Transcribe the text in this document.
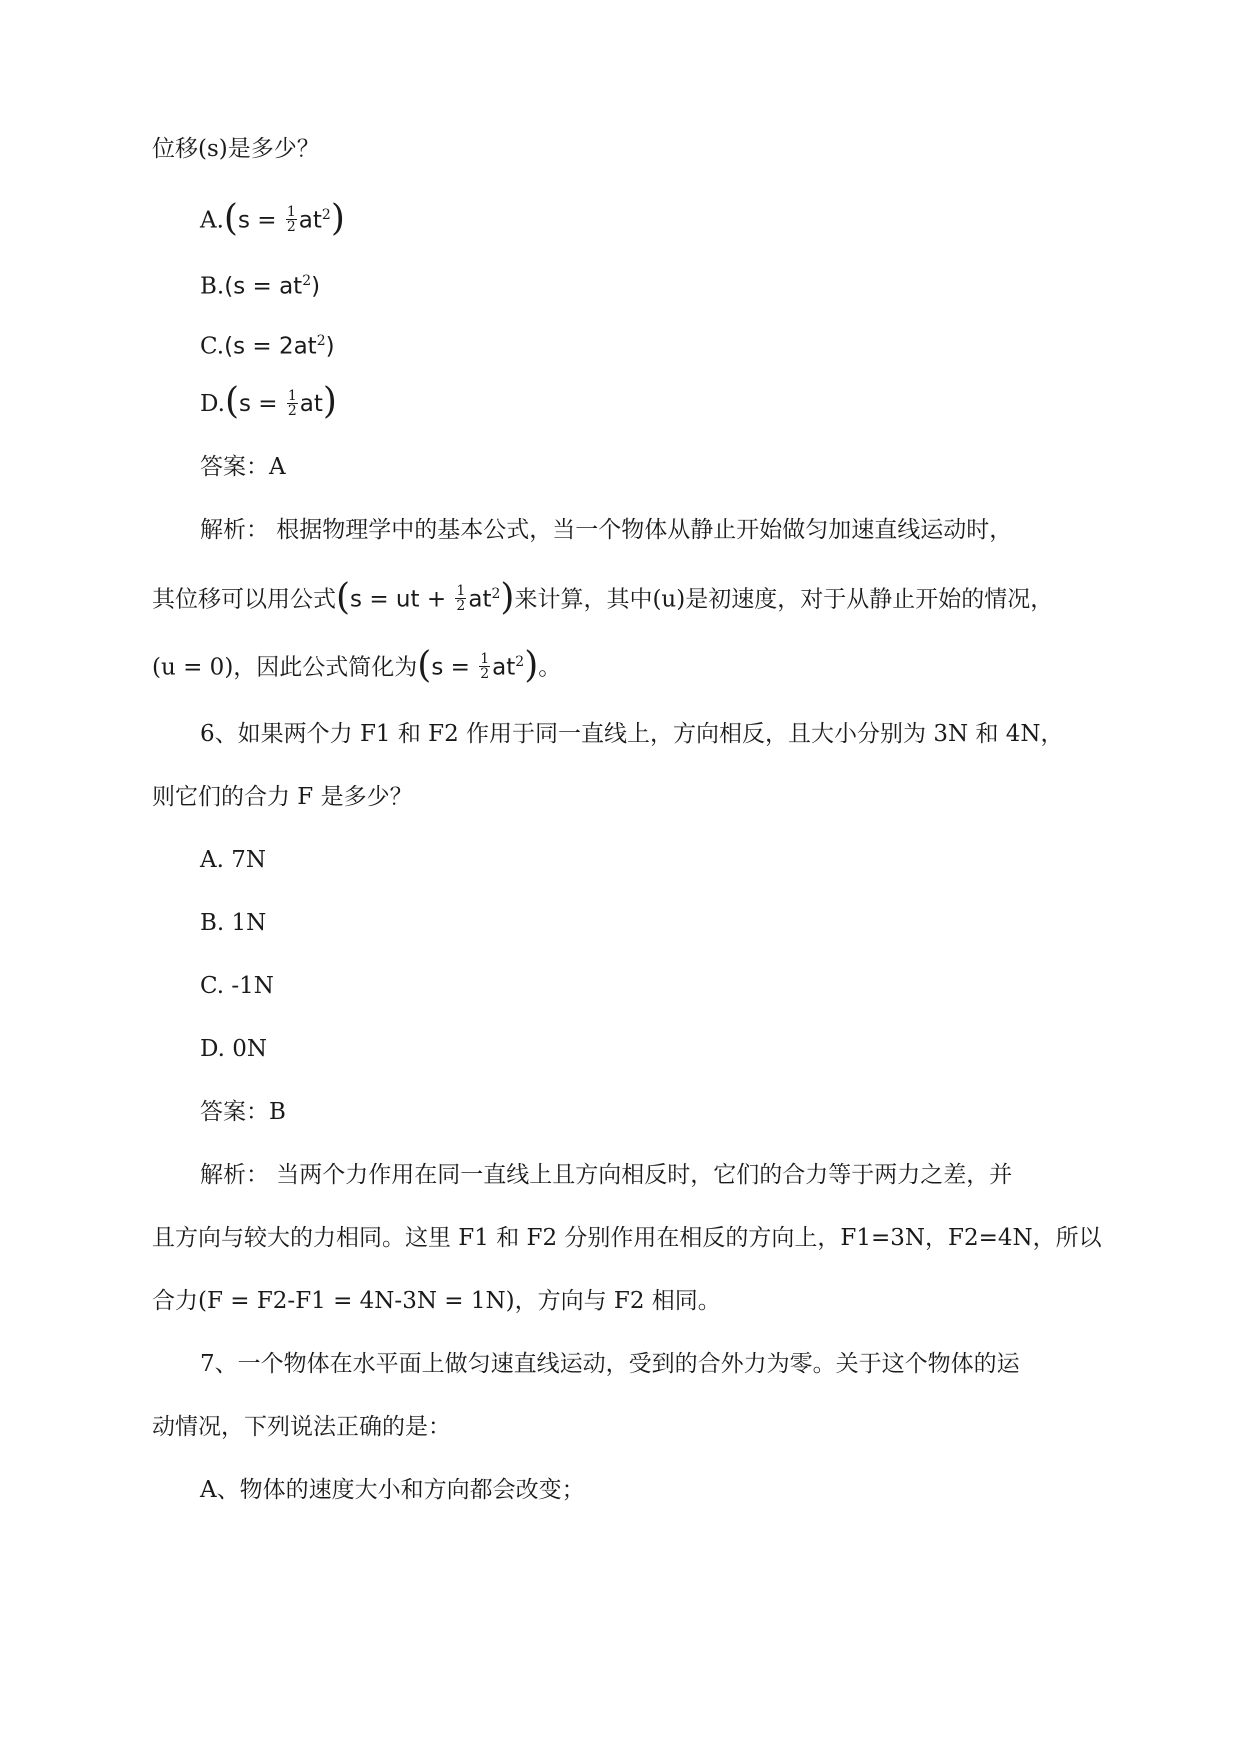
位移(s)是多少？
$A.(s = \frac{1}{2} at^2)$
$B.(s = at^2)$
$C.(s = 2at^2)$
$D.(s = \frac{1}{2} at)$
答案：A
解析： 根据物理学中的基本公式，当一个物体从静止开始做匀加速直线运动时，
其位移可以用公式(s = ut + $\frac{1}{2} at^2$)来计算，其中(u)是初速度，对于从静止开始的情况，
(u = 0)，因此公式简化为$(s = \frac{1}{2} at^2)$。
6、如果两个力 F1 和 F2 作用于同一直线上，方向相反，且大小分别为 3N 和 4N，
则它们的合力 F 是多少？
A. 7N
B. 1N
C. -1N
D. 0N
答案：B
解析： 当两个力作用在同一直线上且方向相反时，它们的合力等于两力之差，并
且方向与较大的力相同。这里 F1 和 F2 分别作用在相反的方向上，F1=3N，F2=4N，所以
合力(F = F2-F1 = 4N-3N = 1N)，方向与 F2 相同。
7、一个物体在水平面上做匀速直线运动，受到的合外力为零。关于这个物体的运
动情况，下列说法正确的是：
A、物体的速度大小和方向都会改变；
